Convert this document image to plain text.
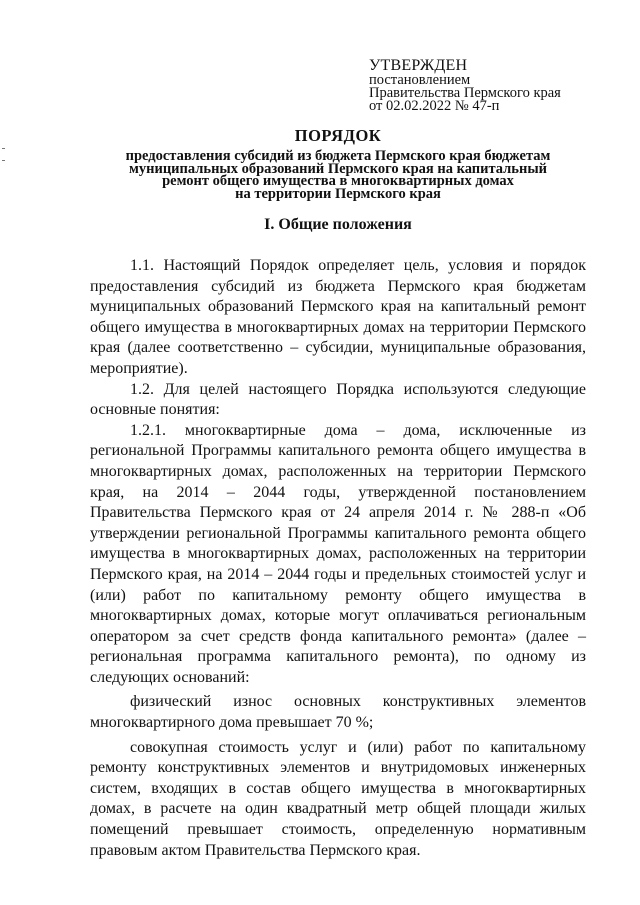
УТВЕРЖДЕН
постановлением
Правительства Пермского края
от 02.02.2022 № 47-п
ПОРЯДОК
предоставления субсидий из бюджета Пермского края бюджетам
муниципальных образований Пермского края на капитальный
ремонт общего имущества в многоквартирных домах
на территории Пермского края
I. Общие положения

1.1. Настоящий Порядок определяет цель, условия и порядок предоставления субсидий из бюджета Пермского края бюджетам муниципальных образований Пермского края на капитальный ремонт общего имущества в многоквартирных домах на территории Пермского края (далее соответственно – субсидии, муниципальные образования, мероприятие).

1.2. Для целей настоящего Порядка используются следующие основные понятия:

1.2.1. многоквартирные дома – дома, исключенные из региональной Программы капитального ремонта общего имущества в многоквартирных домах, расположенных на территории Пермского края, на 2014 – 2044 годы, утвержденной постановлением Правительства Пермского края от 24 апреля 2014 г. № 288-п «Об утверждении региональной Программы капитального ремонта общего имущества в многоквартирных домах, расположенных на территории Пермского края, на 2014 – 2044 годы и предельных стоимостей услуг и (или) работ по капитальному ремонту общего имущества в многоквартирных домах, которые могут оплачиваться региональным оператором за счет средств фонда капитального ремонта» (далее – региональная программа капитального ремонта), по одному из следующих оснований:

физический износ основных конструктивных элементов многоквартирного дома превышает 70 %;

совокупная стоимость услуг и (или) работ по капитальному ремонту конструктивных элементов и внутридомовых инженерных систем, входящих в состав общего имущества в многоквартирных домах, в расчете на один квадратный метр общей площади жилых помещений превышает стоимость, определенную нормативным правовым актом Правительства Пермского края.
